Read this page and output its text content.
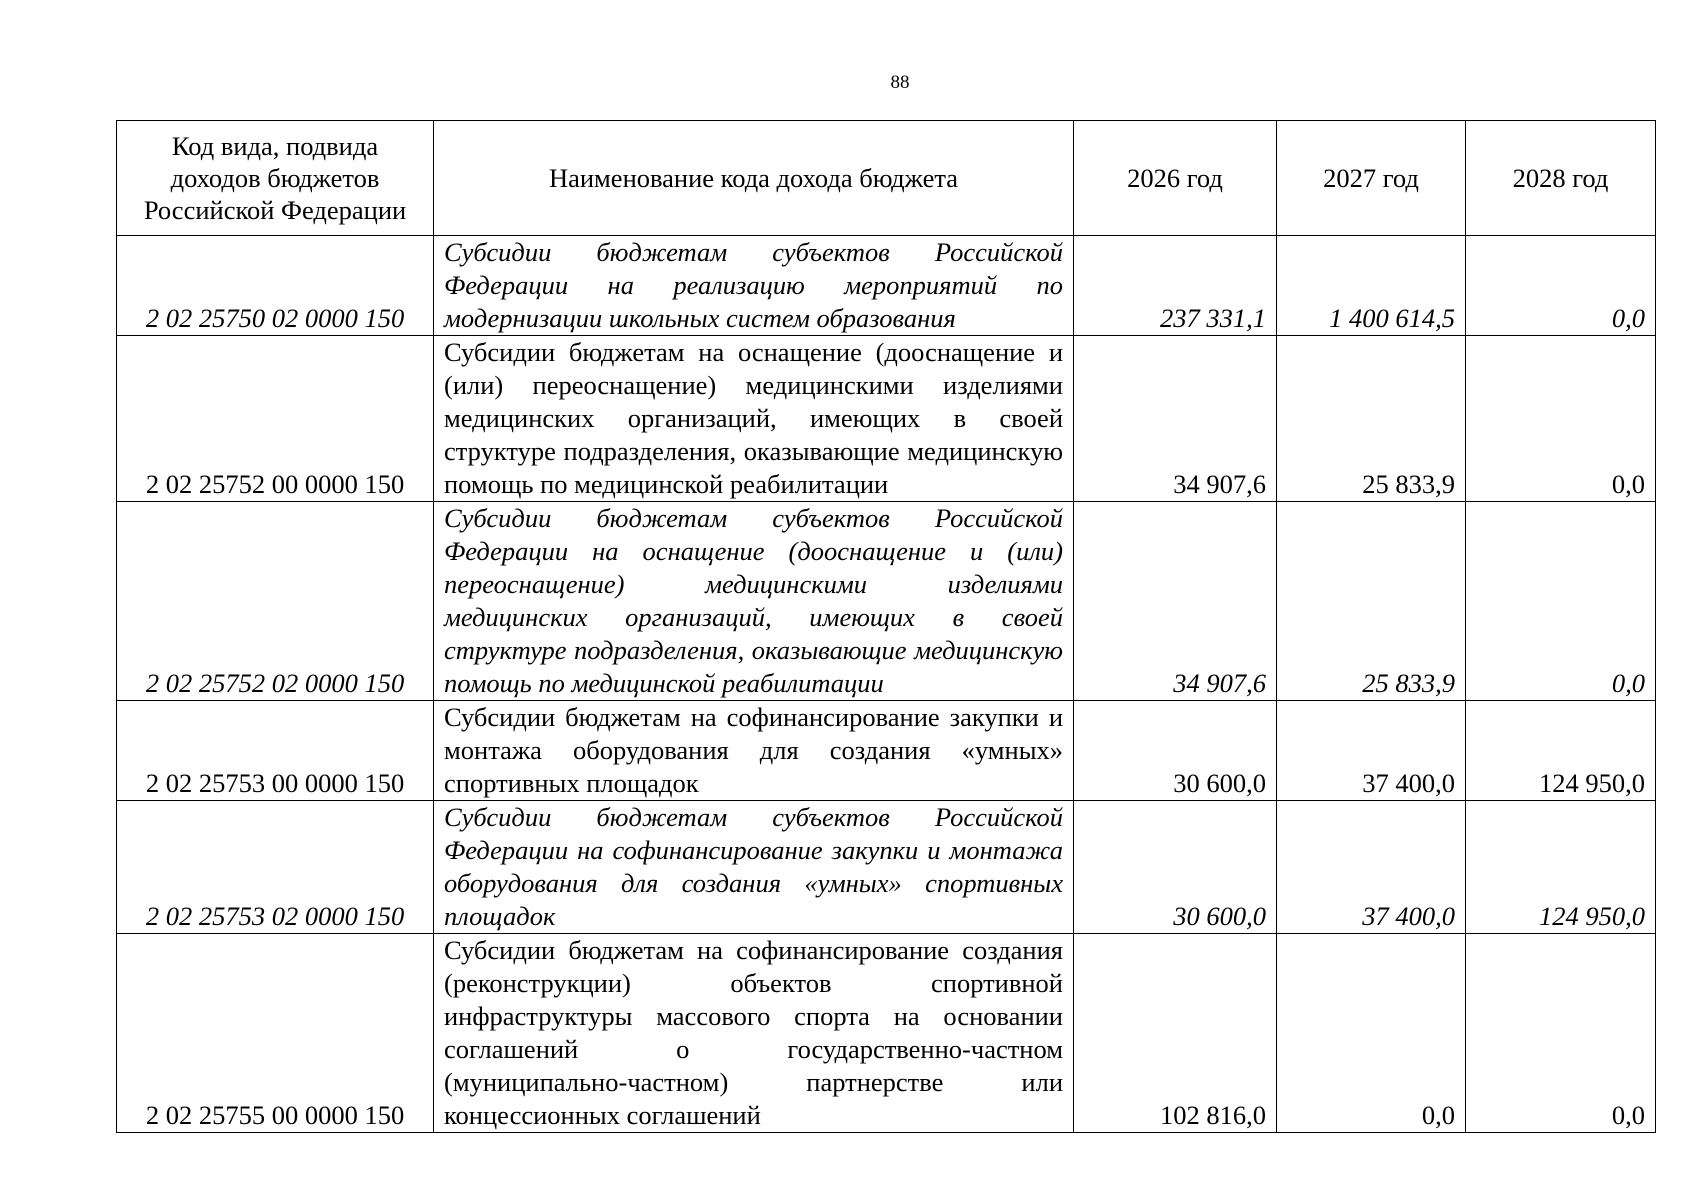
88
Код вида, подвида доходов бюджетов Российской Федерации	Наименование кода дохода бюджета	2026 год	2027 год	2028 год
2 02 25750 02 0000 150	Субсидии бюджетам субъектов Российской Федерации на реализацию мероприятий по модернизации школьных систем образования	237 331,1	1 400 614,5	0,0
2 02 25752 00 0000 150	Субсидии бюджетам на оснащение (дооснащение и (или) переоснащение) медицинскими изделиями медицинских организаций, имеющих в своей структуре подразделения, оказывающие медицинскую помощь по медицинской реабилитации	34 907,6	25 833,9	0,0
2 02 25752 02 0000 150	Субсидии бюджетам субъектов Российской Федерации на оснащение (дооснащение и (или) переоснащение) медицинскими изделиями медицинских организаций, имеющих в своей структуре подразделения, оказывающие медицинскую помощь по медицинской реабилитации	34 907,6	25 833,9	0,0
2 02 25753 00 0000 150	Субсидии бюджетам на софинансирование закупки и монтажа оборудования для создания «умных» спортивных площадок	30 600,0	37 400,0	124 950,0
2 02 25753 02 0000 150	Субсидии бюджетам субъектов Российской Федерации на софинансирование закупки и монтажа оборудования для создания «умных» спортивных площадок	30 600,0	37 400,0	124 950,0
2 02 25755 00 0000 150	Субсидии бюджетам на софинансирование создания (реконструкции) объектов спортивной инфраструктуры массового спорта на основании соглашений о государственно-частном (муниципально-частном) партнерстве или концессионных соглашений	102 816,0	0,0	0,0
